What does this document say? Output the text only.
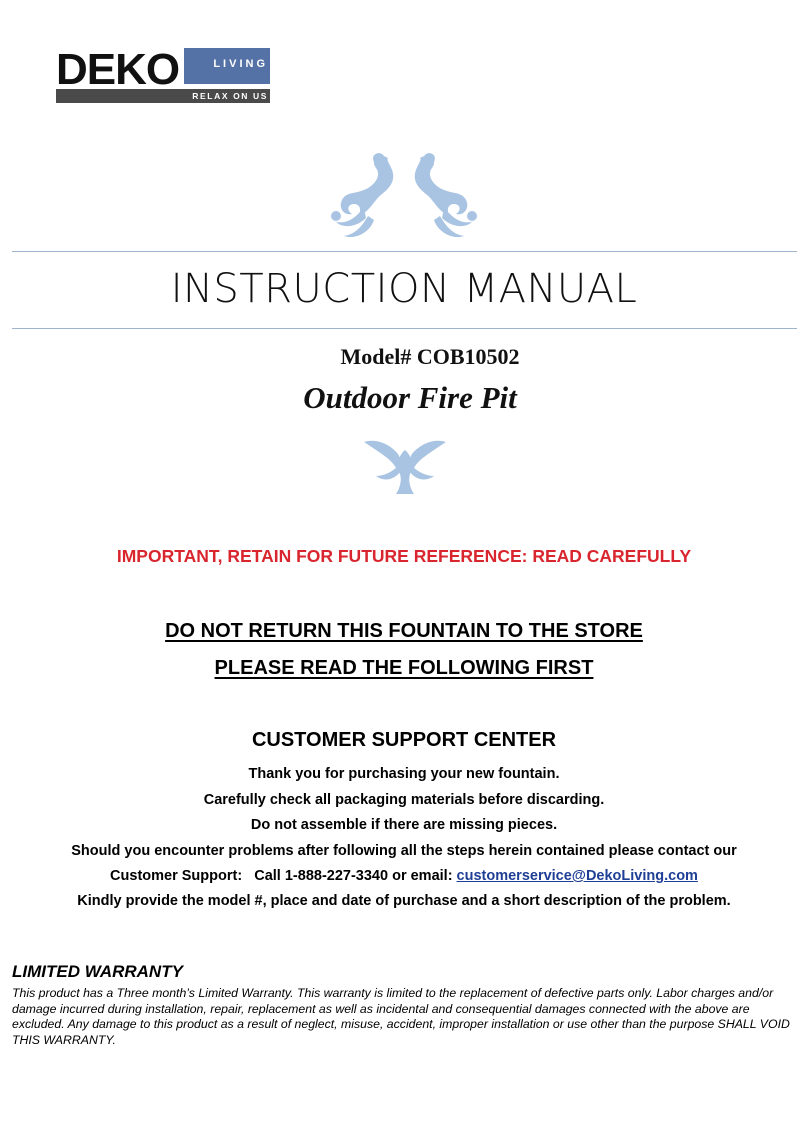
DEKO	LIVING
RELAX ON US
INSTRUCTION MANUAL
Model# COB10502
Outdoor Fire Pit
IMPORTANT, RETAIN FOR FUTURE REFERENCE: READ CAREFULLY
DO NOT RETURN THIS FOUNTAIN TO THE STORE
PLEASE READ THE FOLLOWING FIRST
CUSTOMER SUPPORT CENTER
Thank you for purchasing your new fountain.
Carefully check all packaging materials before discarding.
Do not assemble if there are missing pieces.
Should you encounter problems after following all the steps herein contained please contact our
Customer Support:   Call 1-888-227-3340 or email: customerservice@DekoLiving.com
Kindly provide the model #, place and date of purchase and a short description of the problem.
LIMITED WARRANTY
This product has a Three month’s Limited Warranty. This warranty is limited to the replacement of defective parts only. Labor charges and/or damage incurred during installation, repair, replacement as well as incidental and consequential damages connected with the above are excluded. Any damage to this product as a result of neglect, misuse, accident, improper installation or use other than the purpose SHALL VOID THIS WARRANTY.
